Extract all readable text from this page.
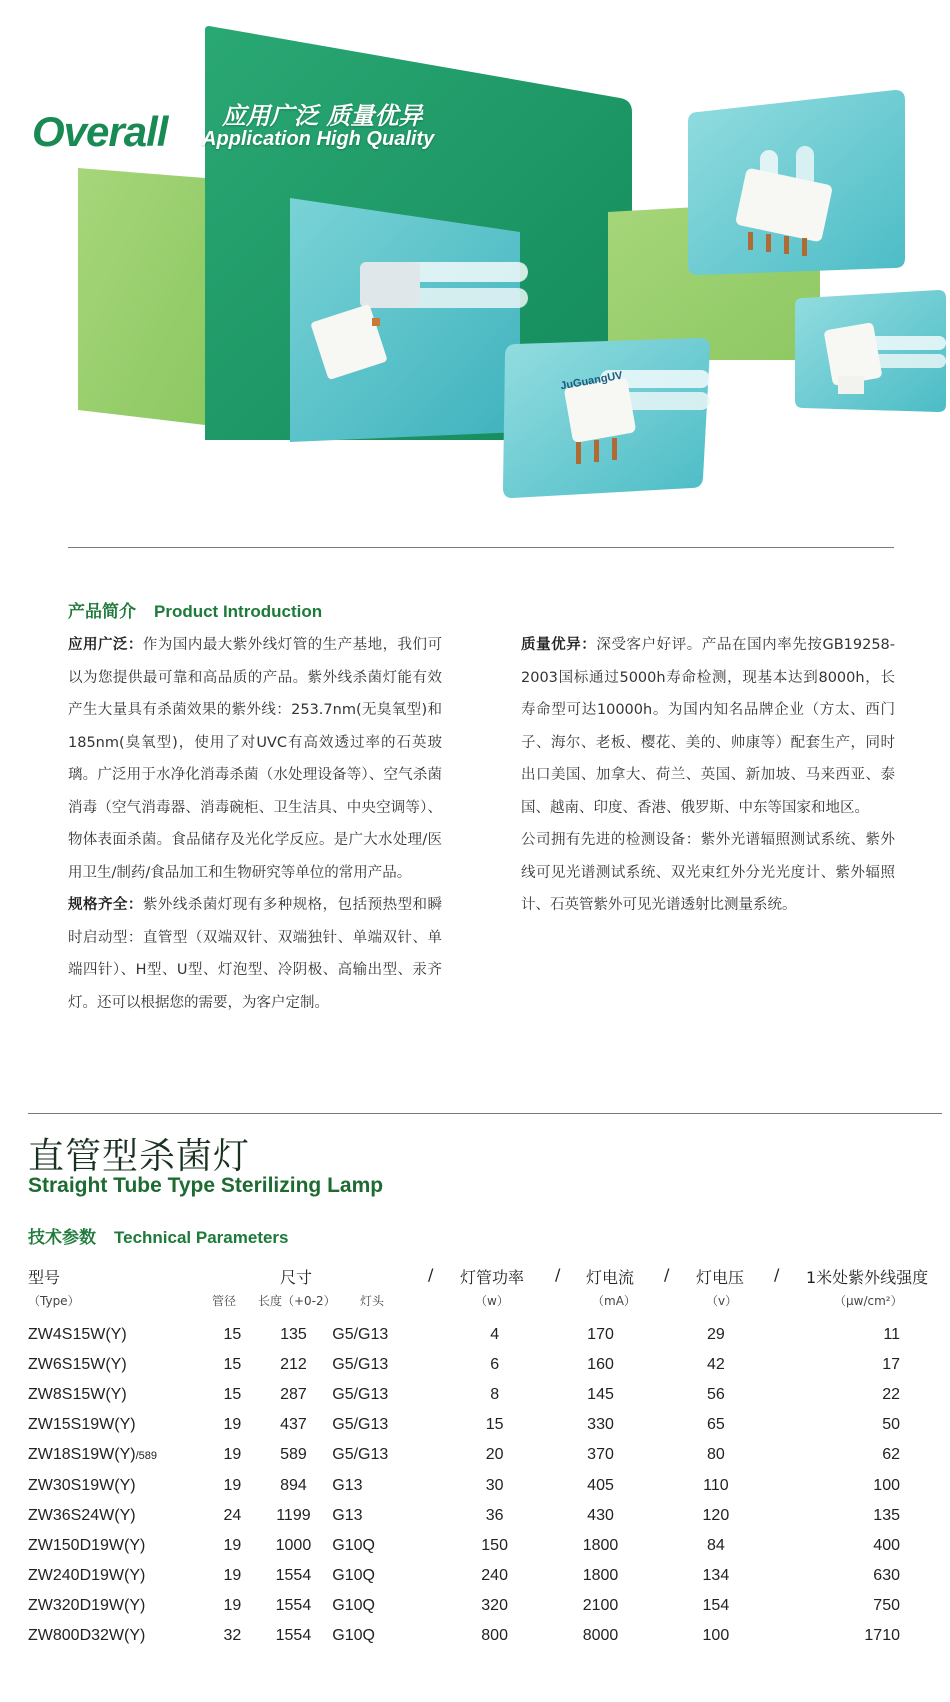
Overall 应用广泛 质量优异
Application High Quality
JuGuangUV
产品简介 Product Introduction
应用广泛：作为国内最大紫外线灯管的生产基地，我们可以为您提供最可靠和高品质的产品。紫外线杀菌灯能有效产生大量具有杀菌效果的紫外线：253.7nm(无臭氧型)和185nm(臭氧型)，使用了对UVC有高效透过率的石英玻璃。广泛用于水净化消毒杀菌（水处理设备等）、空气杀菌消毒（空气消毒器、消毒碗柜、卫生洁具、中央空调等）、物体表面杀菌。食品储存及光化学反应。是广大水处理/医用卫生/制药/食品加工和生物研究等单位的常用产品。
规格齐全：紫外线杀菌灯现有多种规格，包括预热型和瞬时启动型：直管型（双端双针、双端独针、单端双针、单端四针）、H型、U型、灯泡型、冷阴极、高输出型、汞齐灯。还可以根据您的需要，为客户定制。
质量优异：深受客户好评。产品在国内率先按GB19258-2003国标通过5000h寿命检测，现基本达到8000h，长寿命型可达10000h。为国内知名品牌企业（方太、西门子、海尔、老板、樱花、美的、帅康等）配套生产，同时出口美国、加拿大、荷兰、英国、新加坡、马来西亚、泰国、越南、印度、香港、俄罗斯、中东等国家和地区。
公司拥有先进的检测设备：紫外光谱辐照测试系统、紫外线可见光谱测试系统、双光束红外分光光度计、紫外辐照计、石英管紫外可见光谱透射比测量系统。
直管型杀菌灯
Straight Tube Type Sterilizing Lamp
技术参数 Technical Parameters
型号	尺寸	/ 灯管功率 / 灯电流 / 灯电压 / 1米处紫外线强度
（Type）	管径 长度（+0-2） 灯头	（w）	（mA）	（v）	（μw/cm²）
ZW4S15W(Y)	15	135	G5/G13	4	170	29	11
ZW6S15W(Y)	15	212	G5/G13	6	160	42	17
ZW8S15W(Y)	15	287	G5/G13	8	145	56	22
ZW15S19W(Y)	19	437	G5/G13	15	330	65	50
ZW18S19W(Y)/589	19	589	G5/G13	20	370	80	62
ZW30S19W(Y)	19	894	G13	30	405	110	100
ZW36S24W(Y)	24	1199	G13	36	430	120	135
ZW150D19W(Y)	19	1000	G10Q	150	1800	84	400
ZW240D19W(Y)	19	1554	G10Q	240	1800	134	630
ZW320D19W(Y)	19	1554	G10Q	320	2100	154	750
ZW800D32W(Y)	32	1554	G10Q	800	8000	100	1710
